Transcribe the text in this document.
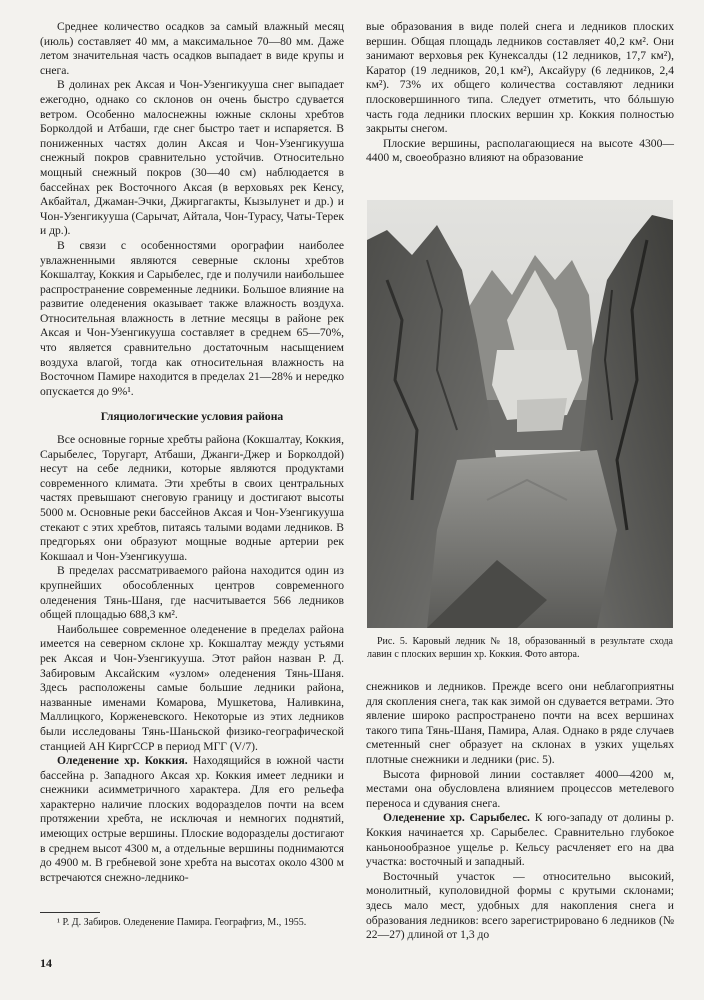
Среднее количество осадков за самый влажный месяц (июль) составляет 40 мм, а максимальное 70—80 мм. Даже летом значительная часть осадков выпадает в виде крупы и снега.

В долинах рек Аксая и Чон-Узенгикууша снег выпадает ежегодно, однако со склонов он очень быстро сдувается ветром. Особенно малоснежны южные склоны хребтов Борколдой и Атбаши, где снег быстро тает и испаряется. В пониженных частях долин Аксая и Чон-Узенгикууша снежный покров сравнительно устойчив. Относительно мощный снежный покров (30—40 см) наблюдается в бассейнах рек Восточного Аксая (в верховьях рек Кенсу, Акбайтал, Джаман-Эчки, Джиргагакты, Кызылунет и др.) и Чон-Узенгикууша (Сарычат, Айтала, Чон-Турасу, Чаты-Терек и др.).

В связи с особенностями орографии наиболее увлажненными являются северные склоны хребтов Кокшалтау, Коккия и Сарыбелес, где и получили наибольшее распространение современные ледники. Большое влияние на развитие оледенения оказывает также влажность воздуха. Относительная влажность в летние месяцы в районе рек Аксая и Чон-Узенгикууша составляет в среднем 65—70%, что является сравнительно достаточным насыщением воздуха влагой, тогда как относительная влажность на Восточном Памире находится в пределах 21—28% и нередко опускается до 9%¹.

Гляциологические условия района

Все основные горные хребты района (Кокшалтау, Коккия, Сарыбелес, Торугарт, Атбаши, Джанги-Джер и Борколдой) несут на себе ледники, которые являются продуктами современного климата. Эти хребты в своих центральных частях превышают снеговую границу и достигают высоты 5000 м. Основные реки бассейнов Аксая и Чон-Узенгикууша стекают с этих хребтов, питаясь талыми водами ледников. В предгорьях они образуют мощные водные артерии рек Кокшаал и Чон-Узенгикууша.

В пределах рассматриваемого района находится один из крупнейших обособленных центров современного оледенения Тянь-Шаня, где насчитывается 566 ледников общей площадью 688,3 км².

Наибольшее современное оледенение в пределах района имеется на северном склоне хр. Кокшалтау между устьями рек Аксая и Чон-Узенгикууша. Этот район назван Р. Д. Забировым Аксайским «узлом» оледенения Тянь-Шаня. Здесь расположены самые большие ледники района, названные именами Комарова, Мушкетова, Наливкина, Маллицкого, Корженевского. Некоторые из этих ледников были исследованы Тянь-Шаньской физико-географической станцией АН КиргССР в период МГГ (V/7).

Оледенение хр. Коккия. Находящийся в южной части бассейна р. Западного Аксая хр. Коккия имеет ледники и снежники асимметричного характера. Для его рельефа характерно наличие плоских водоразделов почти на всем протяжении хребта, не исключая и немногих поднятий, имеющих острые вершины. Плоские водоразделы достигают в среднем высот 4300 м, а отдельные вершины поднимаются до 4900 м. В гребневой зоне хребта на высотах около 4300 м встречаются снежно-леднико-

вые образования в виде полей снега и ледников плоских вершин. Общая площадь ледников составляет 40,2 км². Они занимают верховья рек Кунексалды (12 ледников, 17,7 км²), Каратор (19 ледников, 20,1 км²), Аксайуру (6 ледников, 2,4 км²). 73% их общего количества составляют ледники плосковершинного типа. Следует отметить, что бóльшую часть года ледники плоских вершин хр. Коккия полностью закрыты снегом.

Плоские вершины, располагающиеся на высоте 4300—4400 м, своеобразно влияют на образование

Рис. 5. Каровый ледник № 18, образованный в результате схода лавин с плоских вершин хр. Коккия. Фото автора.

снежников и ледников. Прежде всего они неблагоприятны для скопления снега, так как зимой он сдувается ветрами. Это явление широко распространено почти на всех вершинах такого типа Тянь-Шаня, Памира, Алая. Однако в ряде случаев сметенный снег образует на склонах в узких ущельях плотные снежники и ледники (рис. 5).

Высота фирновой линии составляет 4000—4200 м, местами она обусловлена влиянием процессов метелевого переноса и сдувания снега.

Оледенение хр. Сарыбелес. К юго-западу от долины р. Коккия начинается хр. Сарыбелес. Сравнительно глубокое каньонообразное ущелье р. Кельсу расчленяет его на два участка: восточный и западный.

Восточный участок — относительно высокий, монолитный, куполовидной формы с крутыми склонами; здесь мало мест, удобных для накопления снега и образования ледников: всего зарегистрировано 6 ледников (№ 22—27) длиной от 1,3 до

¹ Р. Д. Забиров. Оледенение Памира. Географгиз, М., 1955.

14
